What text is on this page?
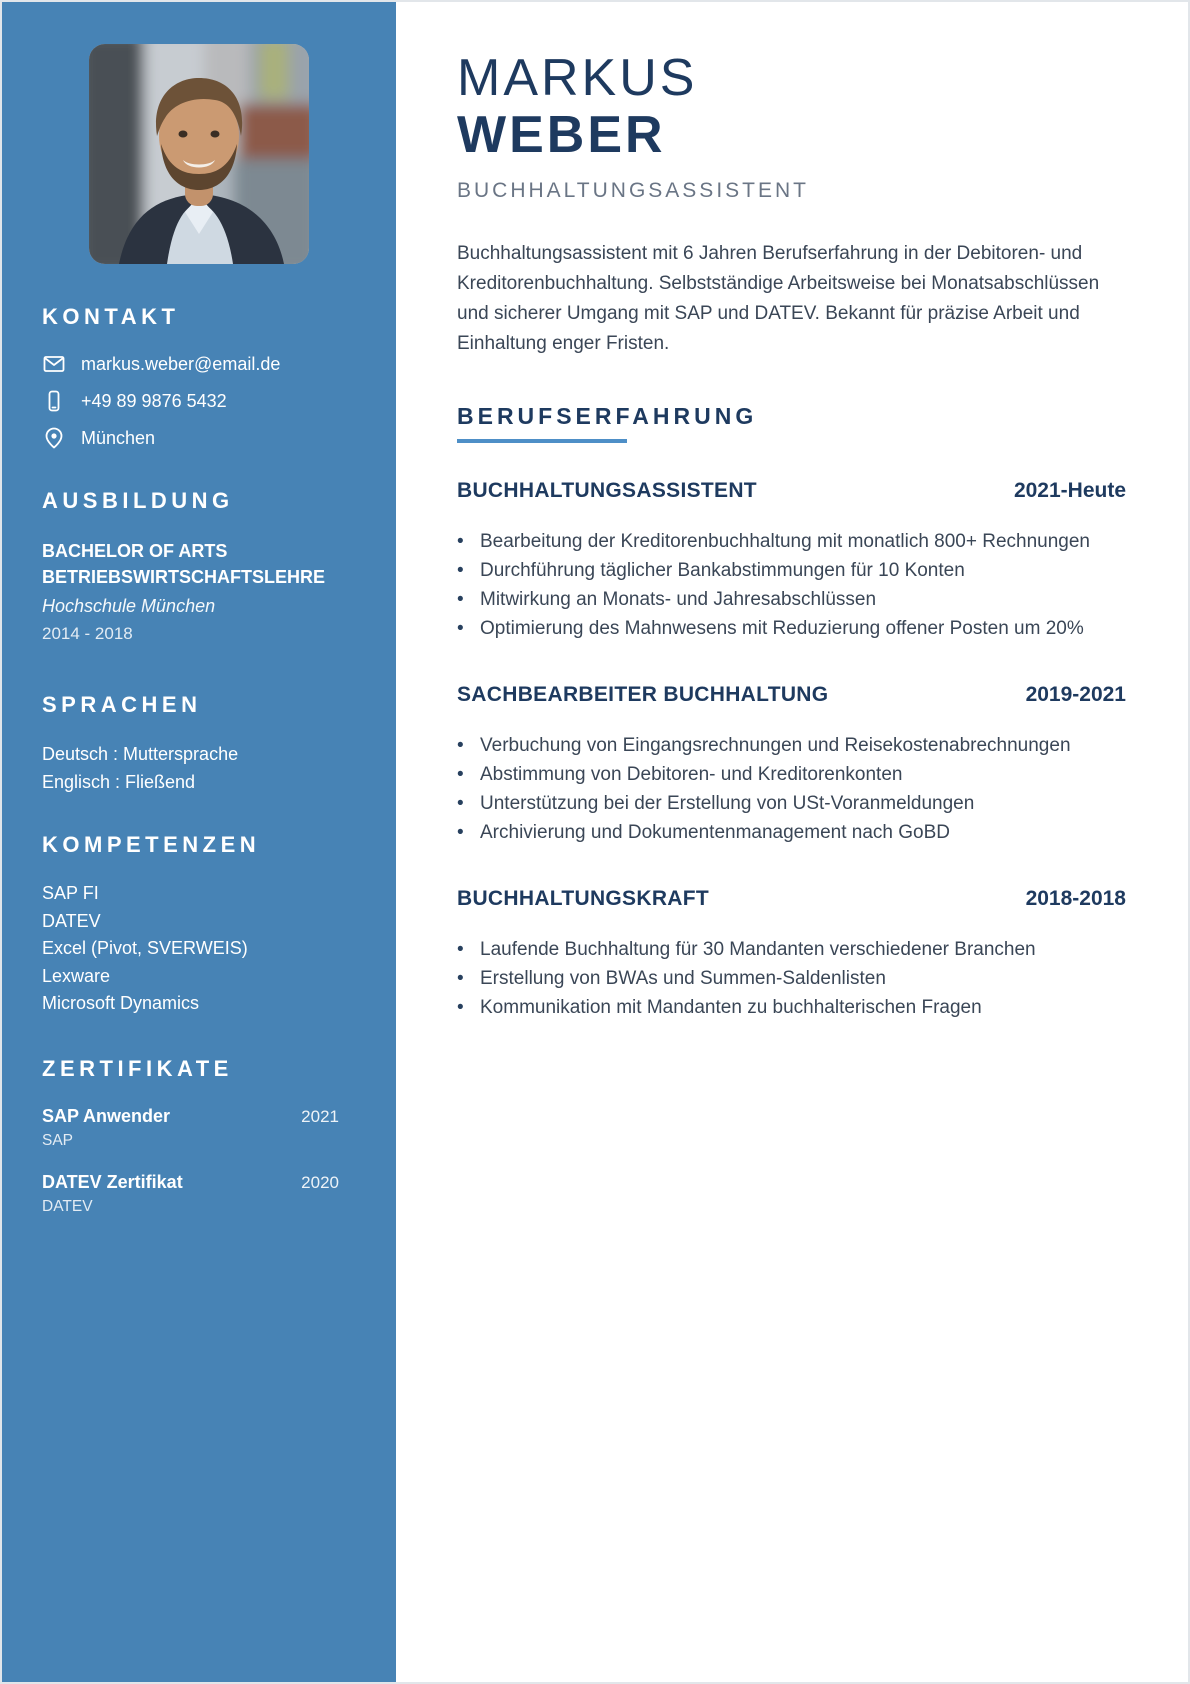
KONTAKT
markus.weber@email.de
+49 89 9876 5432
München
AUSBILDUNG
BACHELOR OF ARTS BETRIEBSWIRTSCHAFTSLEHRE
Hochschule München
2014 - 2018
SPRACHEN
Deutsch : Muttersprache
Englisch : Fließend
KOMPETENZEN
SAP FI
DATEV
Excel (Pivot, SVERWEIS)
Lexware
Microsoft Dynamics
ZERTIFIKATE
SAP Anwender	2021
SAP
DATEV Zertifikat	2020
DATEV
MARKUS
WEBER
BUCHHALTUNGSASSISTENT

Buchhaltungsassistent mit 6 Jahren Berufserfahrung in der Debitoren- und Kreditorenbuchhaltung. Selbstständige Arbeitsweise bei Monatsabschlüssen und sicherer Umgang mit SAP und DATEV. Bekannt für präzise Arbeit und Einhaltung enger Fristen.

BERUFSERFAHRUNG
BUCHHALTUNGSASSISTENT	2021-Heute
• Bearbeitung der Kreditorenbuchhaltung mit monatlich 800+ Rechnungen
• Durchführung täglicher Bankabstimmungen für 10 Konten
• Mitwirkung an Monats- und Jahresabschlüssen
• Optimierung des Mahnwesens mit Reduzierung offener Posten um 20%
SACHBEARBEITER BUCHHALTUNG	2019-2021
• Verbuchung von Eingangsrechnungen und Reisekostenabrechnungen
• Abstimmung von Debitoren- und Kreditorenkonten
• Unterstützung bei der Erstellung von USt-Voranmeldungen
• Archivierung und Dokumentenmanagement nach GoBD
BUCHHALTUNGSKRAFT	2018-2018
• Laufende Buchhaltung für 30 Mandanten verschiedener Branchen
• Erstellung von BWAs und Summen-Saldenlisten
• Kommunikation mit Mandanten zu buchhalterischen Fragen
